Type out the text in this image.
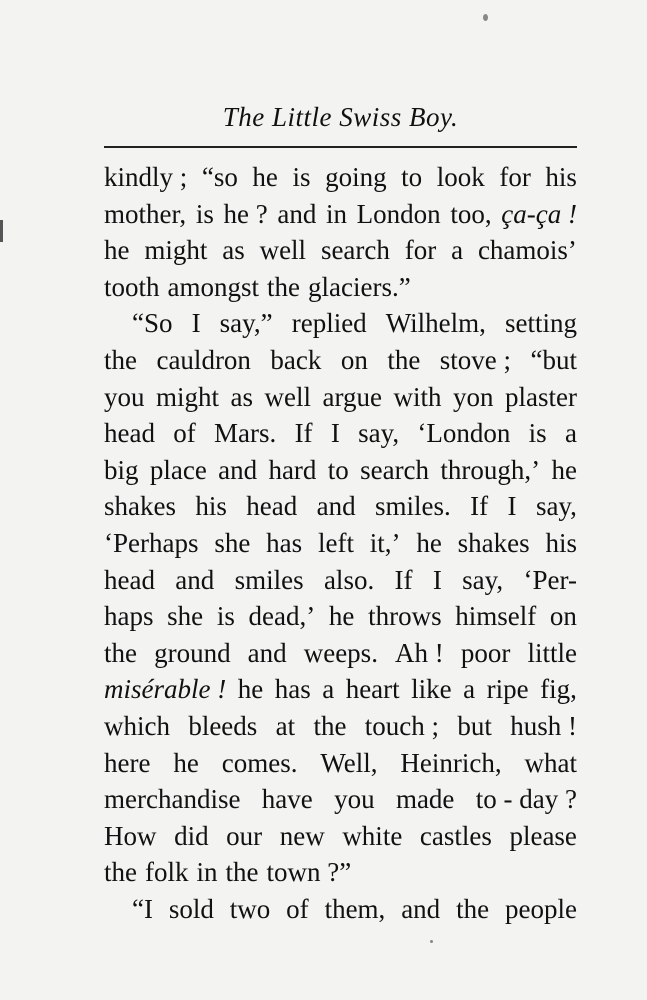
The Little Swiss Boy.
kindly ; “so he is going to look for his
mother, is he ? and in London too, ça-ça !
he might as well search for a chamois’
tooth amongst the glaciers.”
“So I say,” replied Wilhelm, setting
the cauldron back on the stove ; “but
you might as well argue with yon plaster
head of Mars. If I say, ‘London is a
big place and hard to search through,’ he
shakes his head and smiles. If I say,
‘Perhaps she has left it,’ he shakes his
head and smiles also. If I say, ‘Per-
haps she is dead,’ he throws himself on
the ground and weeps. Ah ! poor little
misérable ! he has a heart like a ripe fig,
which bleeds at the touch ; but hush !
here he comes. Well, Heinrich, what
merchandise have you made to - day ?
How did our new white castles please
the folk in the town ?”
“I sold two of them, and the people
